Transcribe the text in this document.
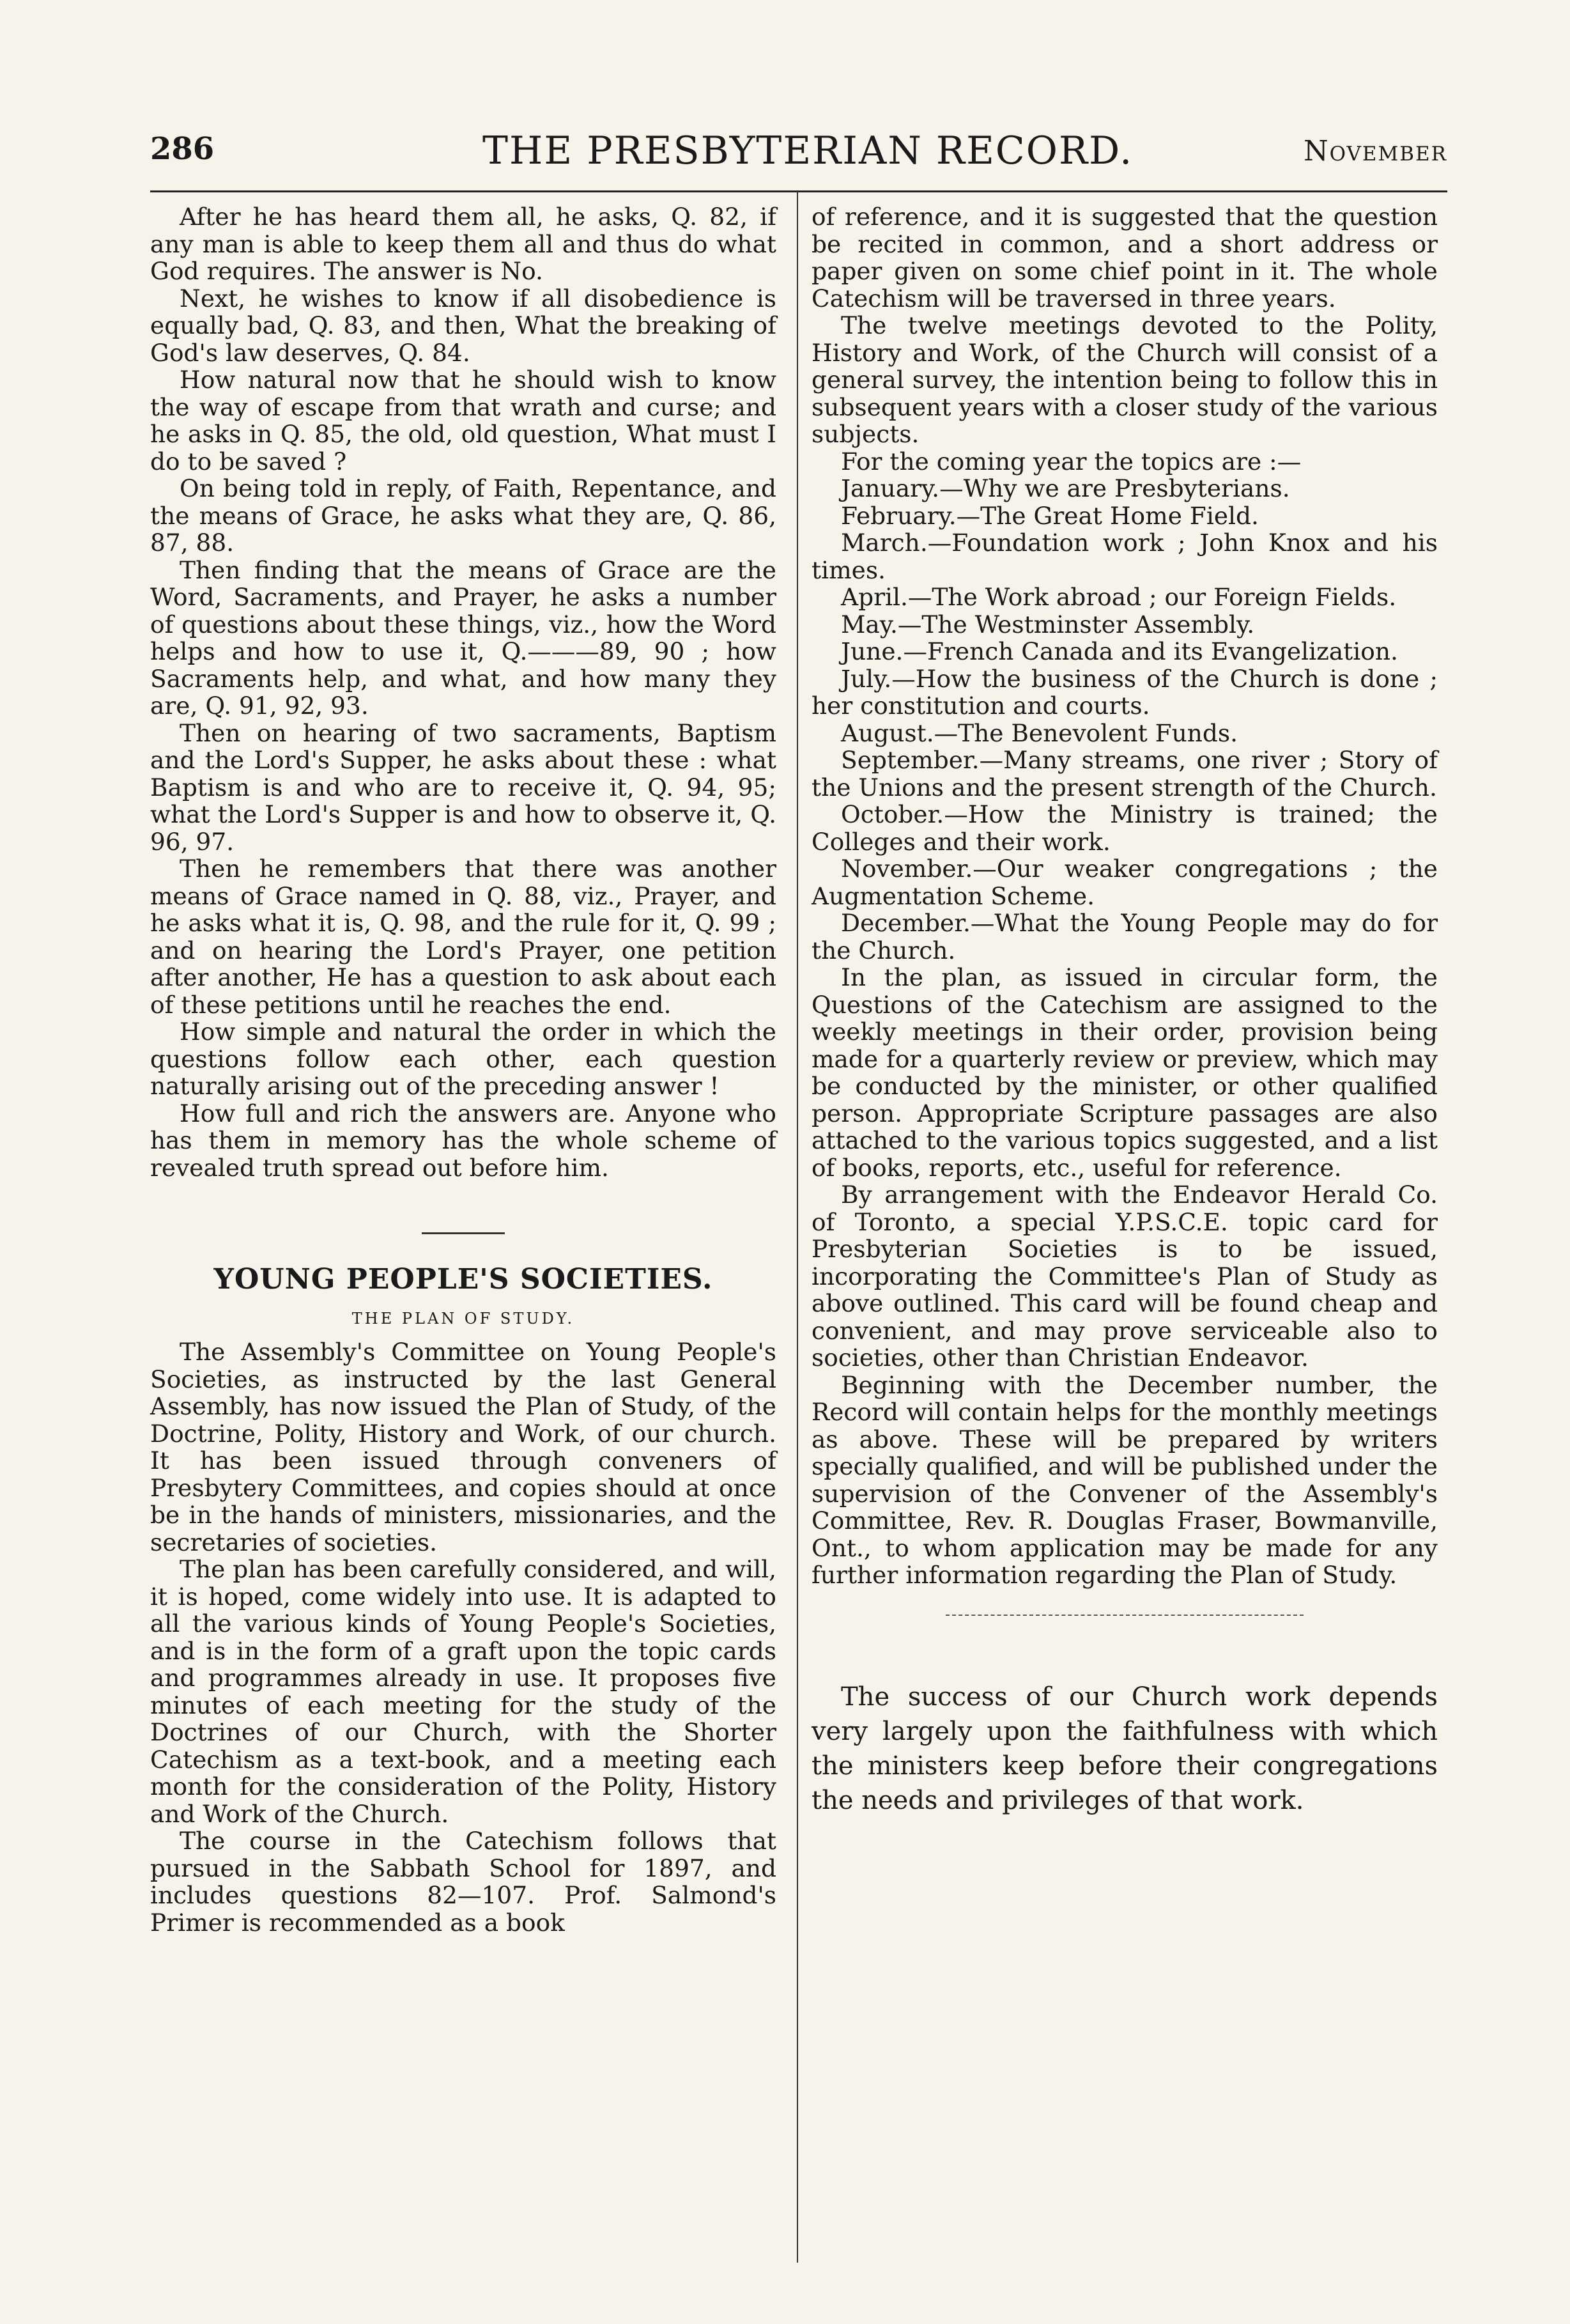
286	THE PRESBYTERIAN RECORD.	November

After he has heard them all, he asks, Q. 82, if any man is able to keep them all and thus do what God requires. The answer is No.

Next, he wishes to know if all disobedience is equally bad, Q. 83, and then, What the breaking of God's law deserves, Q. 84.

How natural now that he should wish to know the way of escape from that wrath and curse; and he asks in Q. 85, the old, old question, What must I do to be saved ?

On being told in reply, of Faith, Repentance, and the means of Grace, he asks what they are, Q. 86, 87, 88.

Then finding that the means of Grace are the Word, Sacraments, and Prayer, he asks a number of questions about these things, viz., how the Word helps and how to use it, Q.———89, 90 ; how Sacraments help, and what, and how many they are, Q. 91, 92, 93.

Then on hearing of two sacraments, Baptism and the Lord's Supper, he asks about these : what Baptism is and who are to receive it, Q. 94, 95; what the Lord's Supper is and how to observe it, Q. 96, 97.

Then he remembers that there was another means of Grace named in Q. 88, viz., Prayer, and he asks what it is, Q. 98, and the rule for it, Q. 99 ; and on hearing the Lord's Prayer, one petition after another, He has a question to ask about each of these petitions until he reaches the end.

How simple and natural the order in which the questions follow each other, each question naturally arising out of the preceding answer !

How full and rich the answers are. Anyone who has them in memory has the whole scheme of revealed truth spread out before him.

YOUNG PEOPLE'S SOCIETIES.
THE PLAN OF STUDY.

The Assembly's Committee on Young People's Societies, as instructed by the last General Assembly, has now issued the Plan of Study, of the Doctrine, Polity, History and Work, of our church. It has been issued through conveners of Presbytery Committees, and copies should at once be in the hands of ministers, missionaries, and the secretaries of societies.

The plan has been carefully considered, and will, it is hoped, come widely into use. It is adapted to all the various kinds of Young People's Societies, and is in the form of a graft upon the topic cards and programmes already in use. It proposes five minutes of each meeting for the study of the Doctrines of our Church, with the Shorter Catechism as a text-book, and a meeting each month for the consideration of the Polity, History and Work of the Church.

The course in the Catechism follows that pursued in the Sabbath School for 1897, and includes questions 82—107. Prof. Salmond's Primer is recommended as a book

of reference, and it is suggested that the question be recited in common, and a short address or paper given on some chief point in it. The whole Catechism will be traversed in three years.

The twelve meetings devoted to the Polity, History and Work, of the Church will consist of a general survey, the intention being to follow this in subsequent years with a closer study of the various subjects.

For the coming year the topics are :—

January.—Why we are Presbyterians.

February.—The Great Home Field.

March.—Foundation work ; John Knox and his times.

April.—The Work abroad ; our Foreign Fields.

May.—The Westminster Assembly.

June.—French Canada and its Evangelization.

July.—How the business of the Church is done ; her constitution and courts.

August.—The Benevolent Funds.

September.—Many streams, one river ; Story of the Unions and the present strength of the Church.

October.—How the Ministry is trained; the Colleges and their work.

November.—Our weaker congregations ; the Augmentation Scheme.

December.—What the Young People may do for the Church.

In the plan, as issued in circular form, the Questions of the Catechism are assigned to the weekly meetings in their order, provision being made for a quarterly review or preview, which may be conducted by the minister, or other qualified person. Appropriate Scripture passages are also attached to the various topics suggested, and a list of books, reports, etc., useful for reference.

By arrangement with the Endeavor Herald Co. of Toronto, a special Y.P.S.C.E. topic card for Presbyterian Societies is to be issued, incorporating the Committee's Plan of Study as above outlined. This card will be found cheap and convenient, and may prove serviceable also to societies, other than Christian Endeavor.

Beginning with the December number, the Record will contain helps for the monthly meetings as above. These will be prepared by writers specially qualified, and will be published under the supervision of the Convener of the Assembly's Committee, Rev. R. Douglas Fraser, Bowmanville, Ont., to whom application may be made for any further information regarding the Plan of Study.

The success of our Church work depends very largely upon the faithfulness with which the ministers keep before their congregations the needs and privileges of that work.
